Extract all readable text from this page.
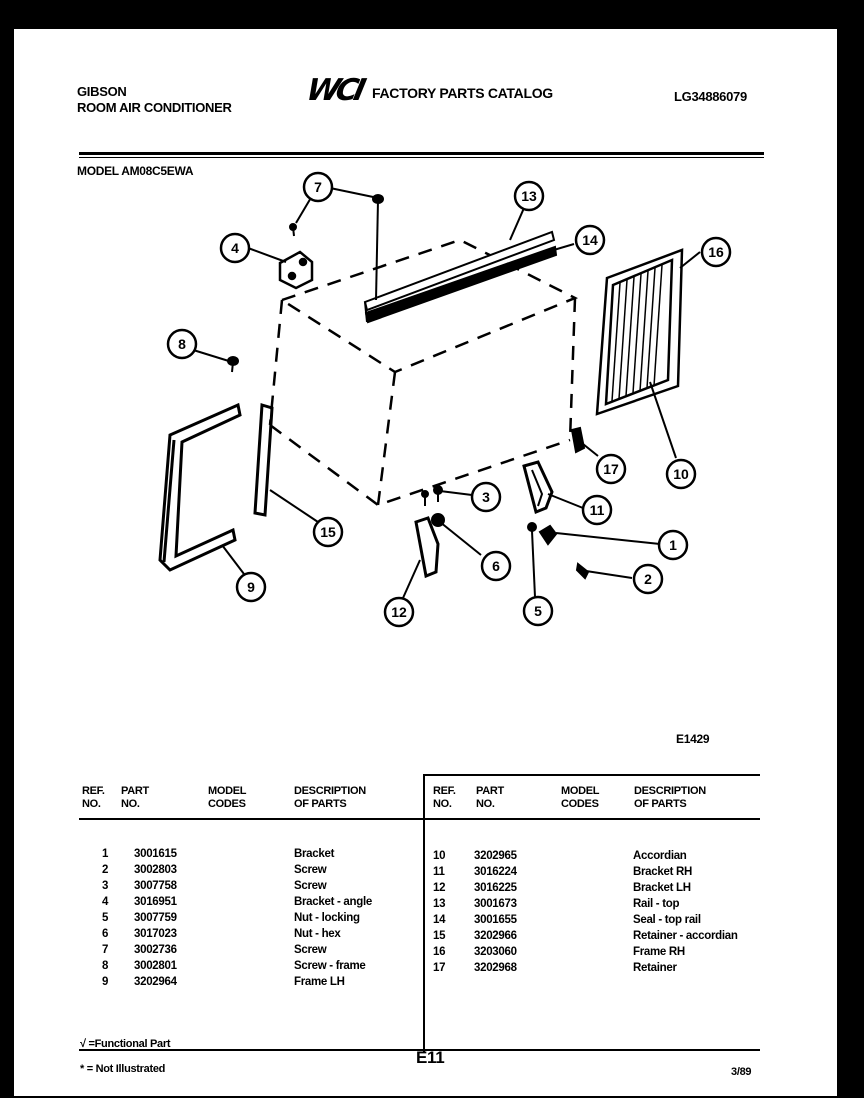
GIBSON
ROOM AIR CONDITIONER WCI FACTORY PARTS CATALOG	LG34886079
MODEL AM08C5EWA
7
4
8
13
14
16
10
17
11
1
2
5
3
6
12
15
9
E1429
REF.
NO.
PART
NO.
MODEL
CODES
DESCRIPTION
OF PARTS
REF.
NO.
PART
NO.
MODEL
CODES
DESCRIPTION
OF PARTS
1
2
3
4
5
6
7
8
9
3001615
3002803
3007758
3016951
3007759
3017023
3002736
3002801
3202964
Bracket
Screw
Screw
Bracket - angle
Nut - locking
Nut - hex
Screw
Screw - frame
Frame LH
10
11
12
13
14
15
16
17
3202965
3016224
3016225
3001673
3001655
3202966
3203060
3202968
Accordian
Bracket RH
Bracket LH
Rail - top
Seal - top rail
Retainer - accordian
Frame RH
Retainer
√ =Functional Part
* = Not Illustrated
E11
3/89
